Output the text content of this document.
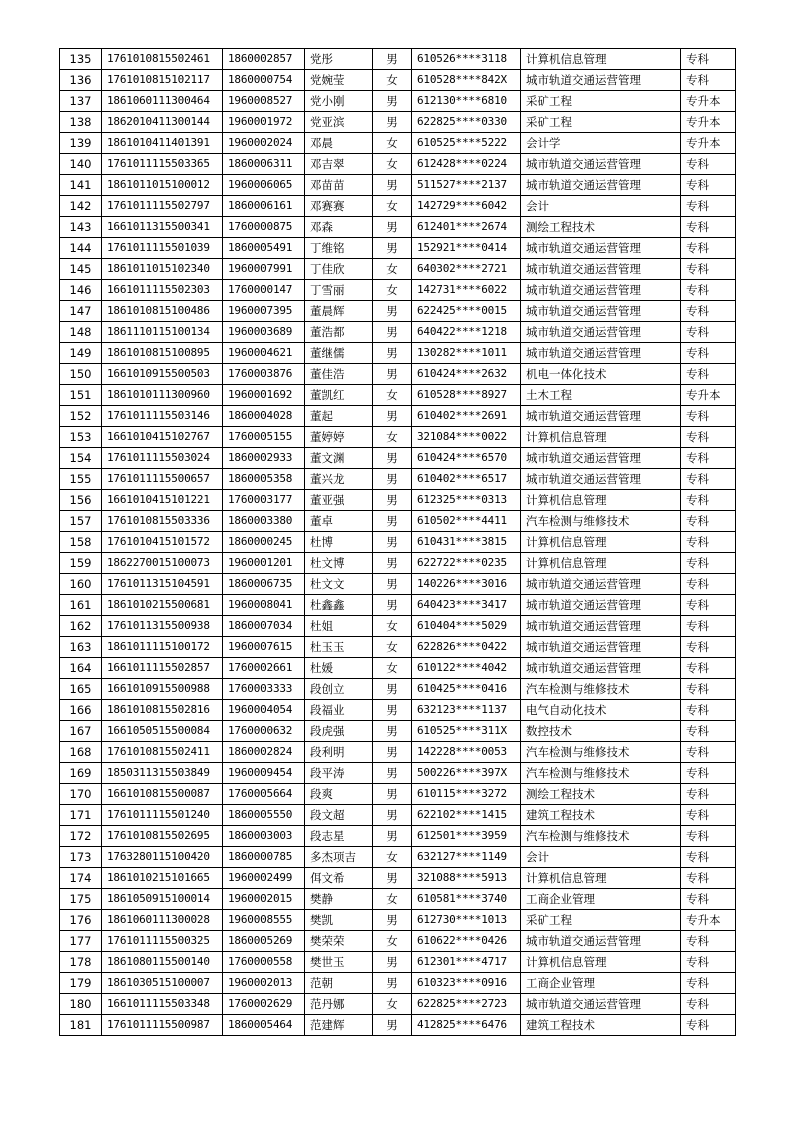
135	1761010815502461	1860002857	党彤	男	610526****3118	计算机信息管理	专科
136	1761010815102117	1860000754	党婉莹	女	610528****842X	城市轨道交通运营管理	专科
137	1861060111300464	1960008527	党小刚	男	612130****6810	采矿工程	专升本
138	1862010411300144	1960001972	党亚滨	男	622825****0330	采矿工程	专升本
139	1861010411401391	1960002024	邓晨	女	610525****5222	会计学	专升本
140	1761011115503365	1860006311	邓吉翠	女	612428****0224	城市轨道交通运营管理	专科
141	1861011015100012	1960006065	邓苗苗	男	511527****2137	城市轨道交通运营管理	专科
142	1761011115502797	1860006161	邓赛赛	女	142729****6042	会计	专科
143	1661011315500341	1760000875	邓森	男	612401****2674	测绘工程技术	专科
144	1761011115501039	1860005491	丁维铭	男	152921****0414	城市轨道交通运营管理	专科
145	1861011015102340	1960007991	丁佳欣	女	640302****2721	城市轨道交通运营管理	专科
146	1661011115502303	1760000147	丁雪丽	女	142731****6022	城市轨道交通运营管理	专科
147	1861010815100486	1960007395	董晨辉	男	622425****0015	城市轨道交通运营管理	专科
148	1861110115100134	1960003689	董浩都	男	640422****1218	城市轨道交通运营管理	专科
149	1861010815100895	1960004621	董继儒	男	130282****1011	城市轨道交通运营管理	专科
150	1661010915500503	1760003876	董佳浩	男	610424****2632	机电一体化技术	专科
151	1861010111300960	1960001692	董凯红	女	610528****8927	土木工程	专升本
152	1761011115503146	1860004028	董起	男	610402****2691	城市轨道交通运营管理	专科
153	1661010415102767	1760005155	董婷婷	女	321084****0022	计算机信息管理	专科
154	1761011115503024	1860002933	董文渊	男	610424****6570	城市轨道交通运营管理	专科
155	1761011115500657	1860005358	董兴龙	男	610402****6517	城市轨道交通运营管理	专科
156	1661010415101221	1760003177	董亚强	男	612325****0313	计算机信息管理	专科
157	1761010815503336	1860003380	董卓	男	610502****4411	汽车检测与维修技术	专科
158	1761010415101572	1860000245	杜博	男	610431****3815	计算机信息管理	专科
159	1862270015100073	1960001201	杜文博	男	622722****0235	计算机信息管理	专科
160	1761011315104591	1860006735	杜文文	男	140226****3016	城市轨道交通运营管理	专科
161	1861010215500681	1960008041	杜鑫鑫	男	640423****3417	城市轨道交通运营管理	专科
162	1761011315500938	1860007034	杜姐	女	610404****5029	城市轨道交通运营管理	专科
163	1861011115100172	1960007615	杜玉玉	女	622826****0422	城市轨道交通运营管理	专科
164	1661011115502857	1760002661	杜媛	女	610122****4042	城市轨道交通运营管理	专科
165	1661010915500988	1760003333	段创立	男	610425****0416	汽车检测与维修技术	专科
166	1861010815502816	1960004054	段福业	男	632123****1137	电气自动化技术	专科
167	1661050515500084	1760000632	段虎强	男	610525****311X	数控技术	专科
168	1761010815502411	1860002824	段利明	男	142228****0053	汽车检测与维修技术	专科
169	1850311315503849	1960009454	段平涛	男	500226****397X	汽车检测与维修技术	专科
170	1661010815500087	1760005664	段爽	男	610115****3272	测绘工程技术	专科
171	1761011115501240	1860005550	段文超	男	622102****1415	建筑工程技术	专科
172	1761010815502695	1860003003	段志星	男	612501****3959	汽车检测与维修技术	专科
173	1763280115100420	1860000785	多杰项吉	女	632127****1149	会计	专科
174	1861010215101665	1960002499	佴文希	男	321088****5913	计算机信息管理	专科
175	1861050915100014	1960002015	樊静	女	610581****3740	工商企业管理	专科
176	1861060111300028	1960008555	樊凯	男	612730****1013	采矿工程	专升本
177	1761011115500325	1860005269	樊荣荣	女	610622****0426	城市轨道交通运营管理	专科
178	1861080115500140	1760000558	樊世玉	男	612301****4717	计算机信息管理	专科
179	1861030515100007	1960002013	范朝	男	610323****0916	工商企业管理	专科
180	1661011115503348	1760002629	范丹娜	女	622825****2723	城市轨道交通运营管理	专科
181	1761011115500987	1860005464	范建辉	男	412825****6476	建筑工程技术	专科
